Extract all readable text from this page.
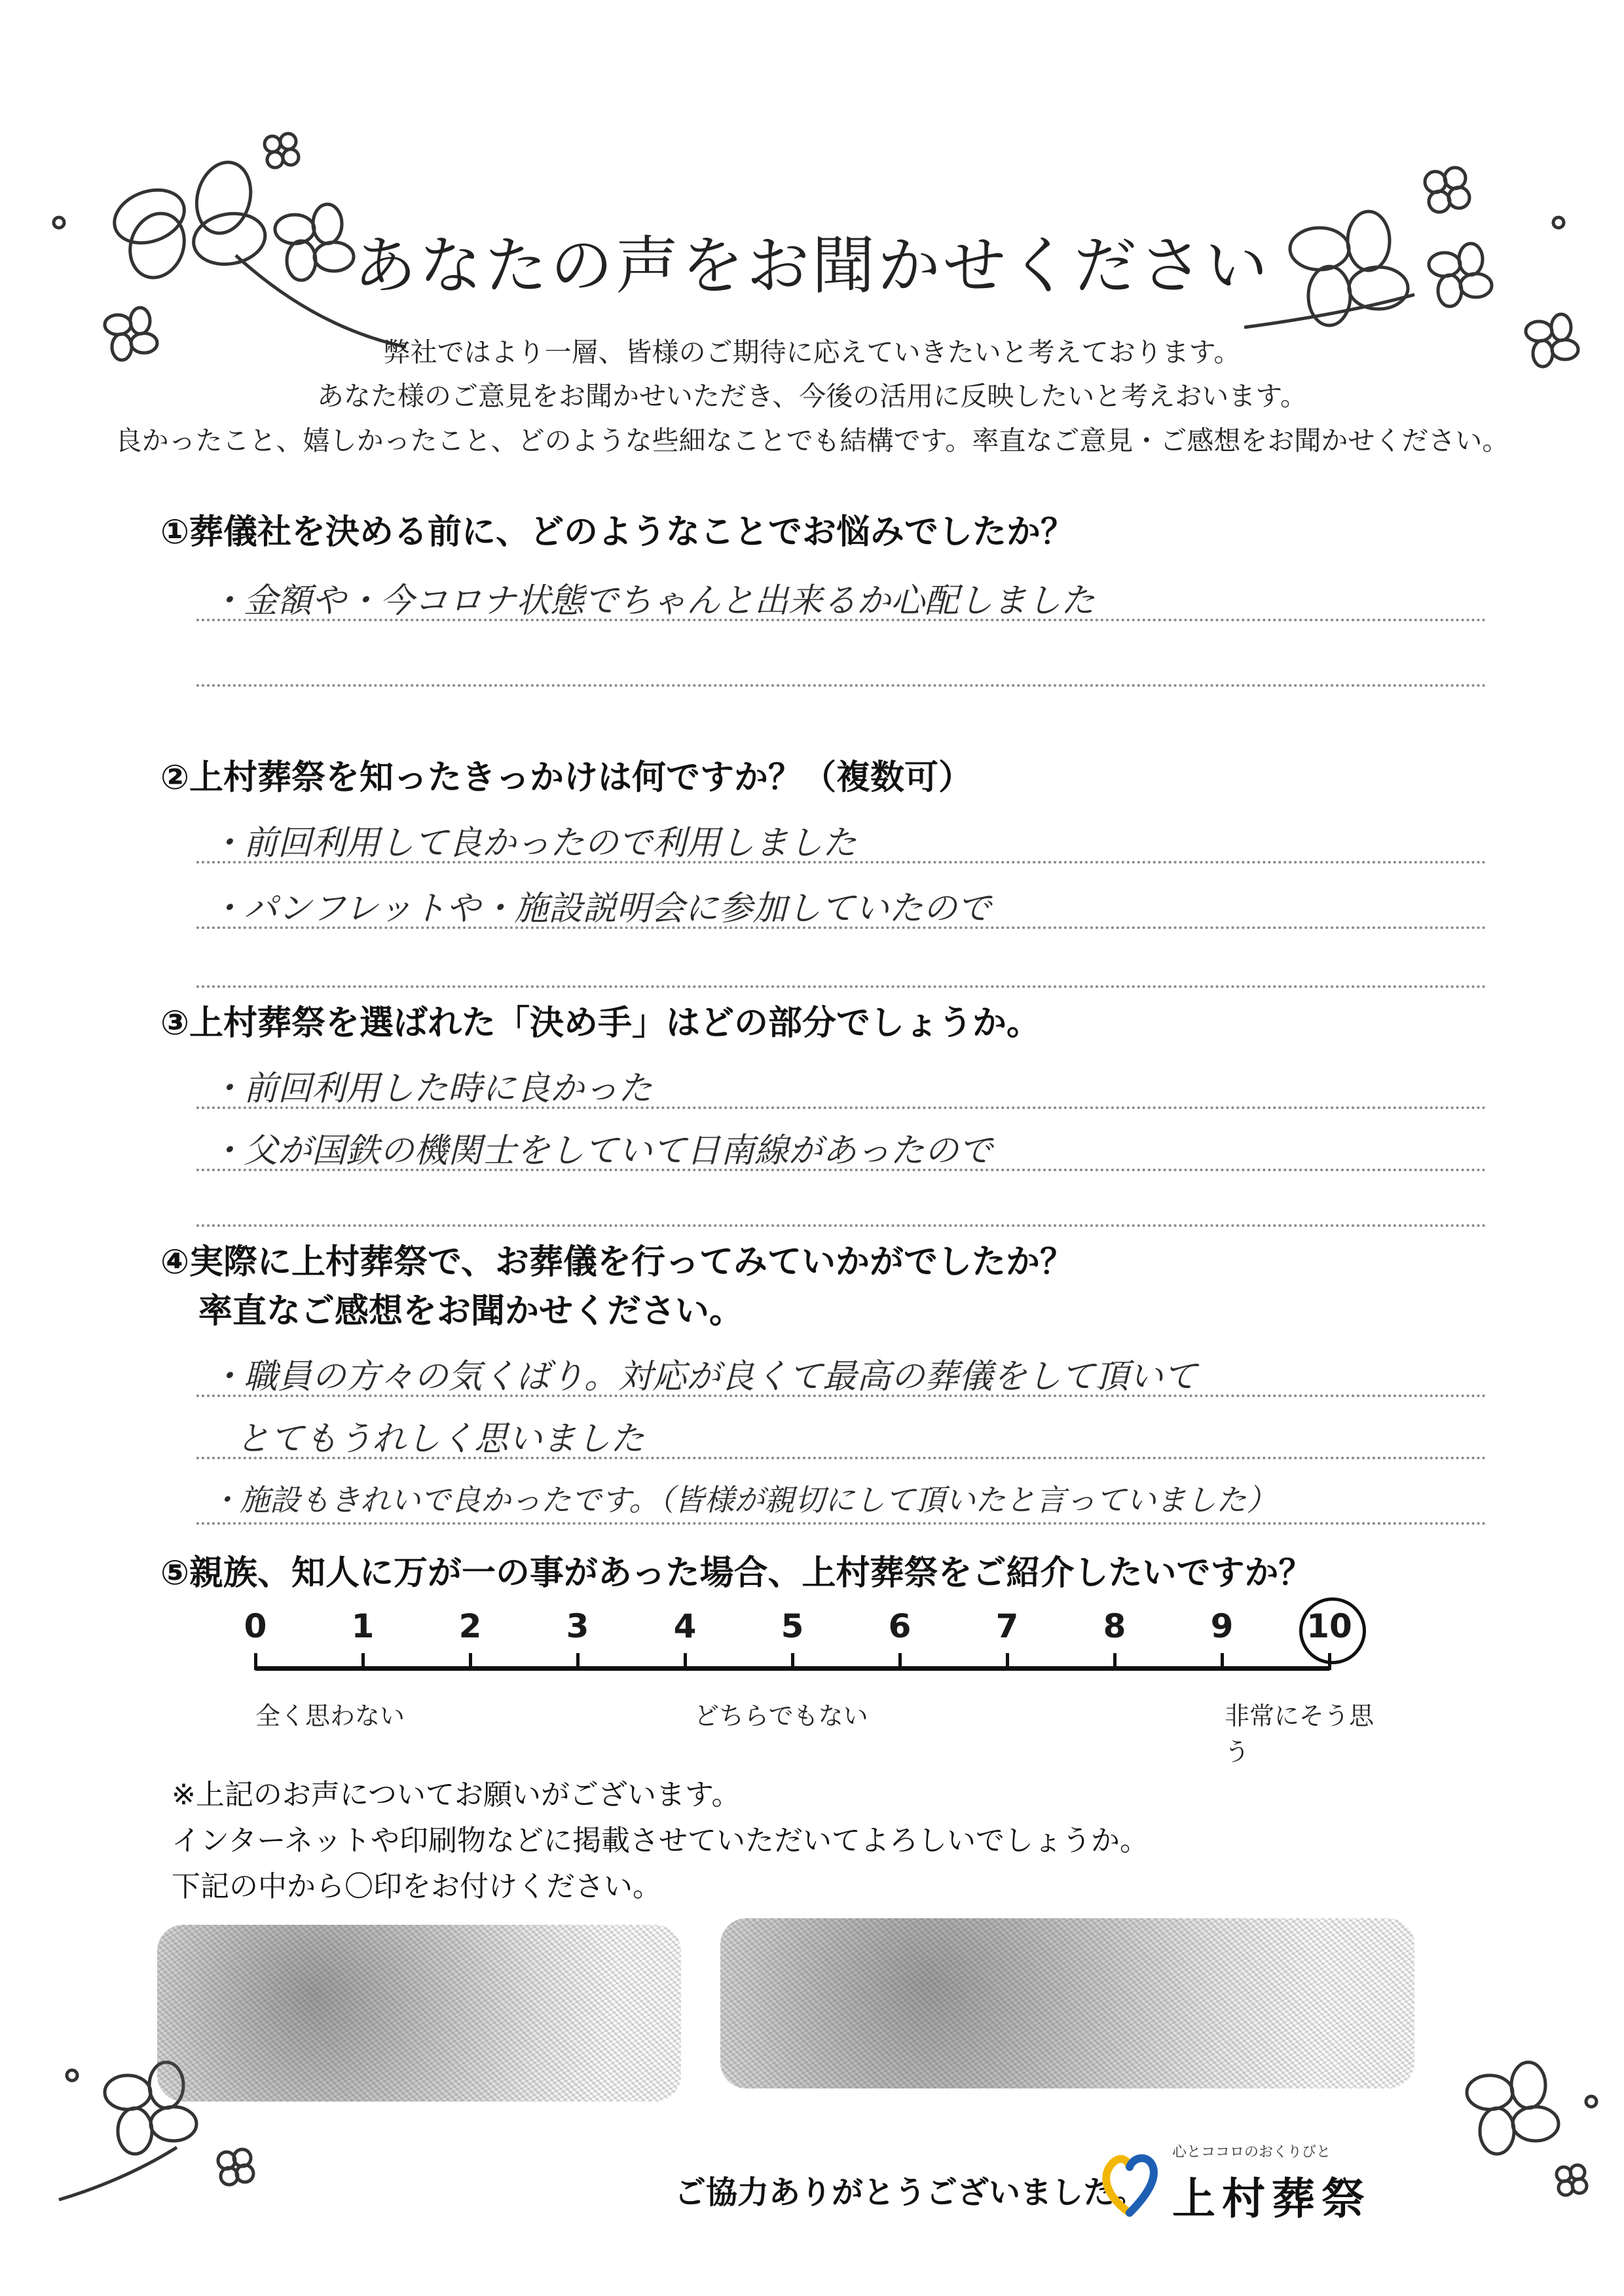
あなたの声をお聞かせください
弊社ではより一層、皆様のご期待に応えていきたいと考えております。
あなた様のご意見をお聞かせいただき、今後の活用に反映したいと考えおいます。
良かったこと、嬉しかったこと、どのような些細なことでも結構です。率直なご意見・ご感想をお聞かせください。
①葬儀社を決める前に、どのようなことでお悩みでしたか？
・金額や・今コロナ状態でちゃんと出来るか心配しました
②上村葬祭を知ったきっかけは何ですか？（複数可）
・前回利用して良かったので利用しました
・パンフレットや・施設説明会に参加していたので
③上村葬祭を選ばれた「決め手」はどの部分でしょうか。
・前回利用した時に良かった
・父が国鉄の機関士をしていて日南線があったので
④実際に上村葬祭で、お葬儀を行ってみていかがでしたか？
率直なご感想をお聞かせください。
・職員の方々の気くばり。対応が良くて最高の葬儀をして頂いて
とてもうれしく思いました
・施設もきれいで良かったです。（皆様が親切にして頂いたと言っていました）
⑤親族、知人に万が一の事があった場合、上村葬祭をご紹介したいですか？
0	1	2	3	4	5	6	7	8	9	10
全く思わない	どちらでもない	非常にそう思う
※上記のお声についてお願いがございます。
インターネットや印刷物などに掲載させていただいてよろしいでしょうか。
下記の中から〇印をお付けください。
ご協力ありがとうございました。
心とココロのおくりびと
上村葬祭
